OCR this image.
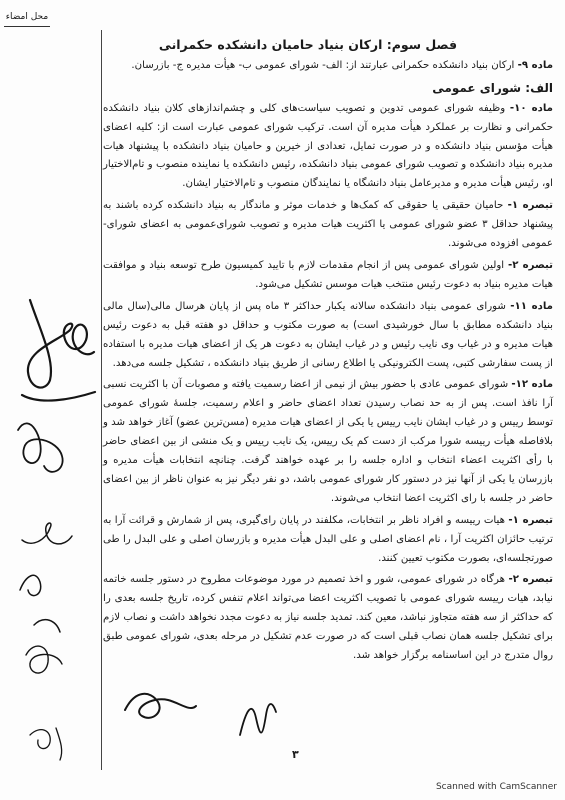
محل امضاء
فصل سوم: ارکان بنیاد حامیان دانشکده حکمرانی

ماده ۹- ارکان بنیاد دانشکده حکمرانی عبارتند از: الف- شورای عمومی ب- هیأت مدیره ج- بازرسان.

الف: شورای عمومی

ماده ۱۰- وظیفه شورای عمومی تدوین و تصویب سیاست‌های کلی و چشم‌اندازهای کلان بنیاد دانشکده حکمرانی و نظارت بر عملکرد هیأت مدیره آن است. ترکیب شورای عمومی عبارت است از: کلیه اعضای هیأت مؤسس بنیاد دانشکده و در صورت تمایل، تعدادی از خیرین و حامیان بنیاد دانشکده با پیشنهاد هیات مدیره بنیاد دانشکده و تصویب شورای عمومی بنیاد دانشکده، رئیس دانشکده یا نماینده منصوب و تام‌الاختیار او، رئیس هیأت مدیره و مدیرعامل بنیاد دانشگاه یا نمایندگان منصوب و تام‌الاختیار ایشان.

تبصره ۱- حامیان حقیقی یا حقوقی که کمک‌ها و خدمات موثر و ماندگار به بنیاد دانشکده کرده باشند به پیشنهاد حداقل ۳ عضو شورای عمومی یا اکثریت هیات مدیره و تصویب شورای‌عمومی به اعضای شورای- عمومی افزوده می‌شوند.

تبصره ۲- اولین شورای عمومی پس از انجام مقدمات لازم با تایید کمیسیون طرح توسعه بنیاد و موافقت هیات مدیره بنیاد به دعوت رئیس منتخب هیات موسس تشکیل می‌شود.

ماده ۱۱- شورای عمومی بنیاد دانشکده سالانه یکبار حداکثر ۳ ماه پس از پایان هرسال مالی(سال مالی بنیاد دانشکده مطابق با سال خورشیدی است) به صورت مکتوب و حداقل دو هفته قبل به دعوت رئیس هیات مدیره و در غیاب وی نایب رئیس و در غیاب ایشان به دعوت هر یک از اعضای هیات مدیره با استفاده از پست سفارشی کتبی، پست الکترونیکی یا اطلاع رسانی از طریق بنیاد دانشکده ، تشکیل جلسه می‌دهد.

ماده ۱۲- شورای عمومی عادی با حضور بیش از نیمی از اعضا رسمیت یافته و مصوبات آن با اکثریت نسبی آرا نافذ است. پس از به حد نصاب رسیدن تعداد اعضای حاضر و اعلام رسمیت، جلسهٔ شورای عمومی توسط رییس و در غیاب ایشان نایب رییس یا یکی از اعضای هیات مدیره (مسن‌ترین عضو) آغاز خواهد شد و بلافاصله هیأت رییسه شورا مرکب از دست کم یک رییس، یک نایب رییس و یک منشی از بین اعضای حاضر با رأی اکثریت اعضاء انتخاب و اداره جلسه را بر عهده خواهند گرفت. چنانچه انتخابات هیأت مدیره و بازرسان یا یکی از آنها نیز در دستور کار شورای عمومی باشد، دو نفر دیگر نیز به عنوان ناظر از بین اعضای حاضر در جلسه با رای اکثریت اعضا انتخاب می‌شوند.

تبصره ۱- هیات رییسه و افراد ناظر بر انتخابات، مکلفند در پایان رای‌گیری، پس از شمارش و قرائت آرا به ترتیب حائزان اکثریت آرا ، نام اعضای اصلی و علی البدل هیأت مدیره و بازرسان اصلی و علی البدل را طی صورتجلسه‌ای، بصورت مکتوب تعیین کنند.

تبصره ۲- هرگاه در شورای عمومی، شور و اخذ تصمیم در مورد موضوعات مطروح در دستور جلسه خاتمه نیابد، هیات رییسه شورای عمومی با تصویب اکثریت اعضا می‌تواند اعلام تنفس کرده، تاریخ جلسه بعدی را که حداکثر از سه هفته متجاوز نباشد، معین کند. تمدید جلسه نیاز به دعوت مجدد نخواهد داشت و نصاب لازم برای تشکیل جلسه همان نصاب قبلی است که در صورت عدم تشکیل در مرحله بعدی، شورای عمومی طبق روال متدرج در این اساسنامه برگزار خواهد شد.

۳
Scanned with CamScanner
